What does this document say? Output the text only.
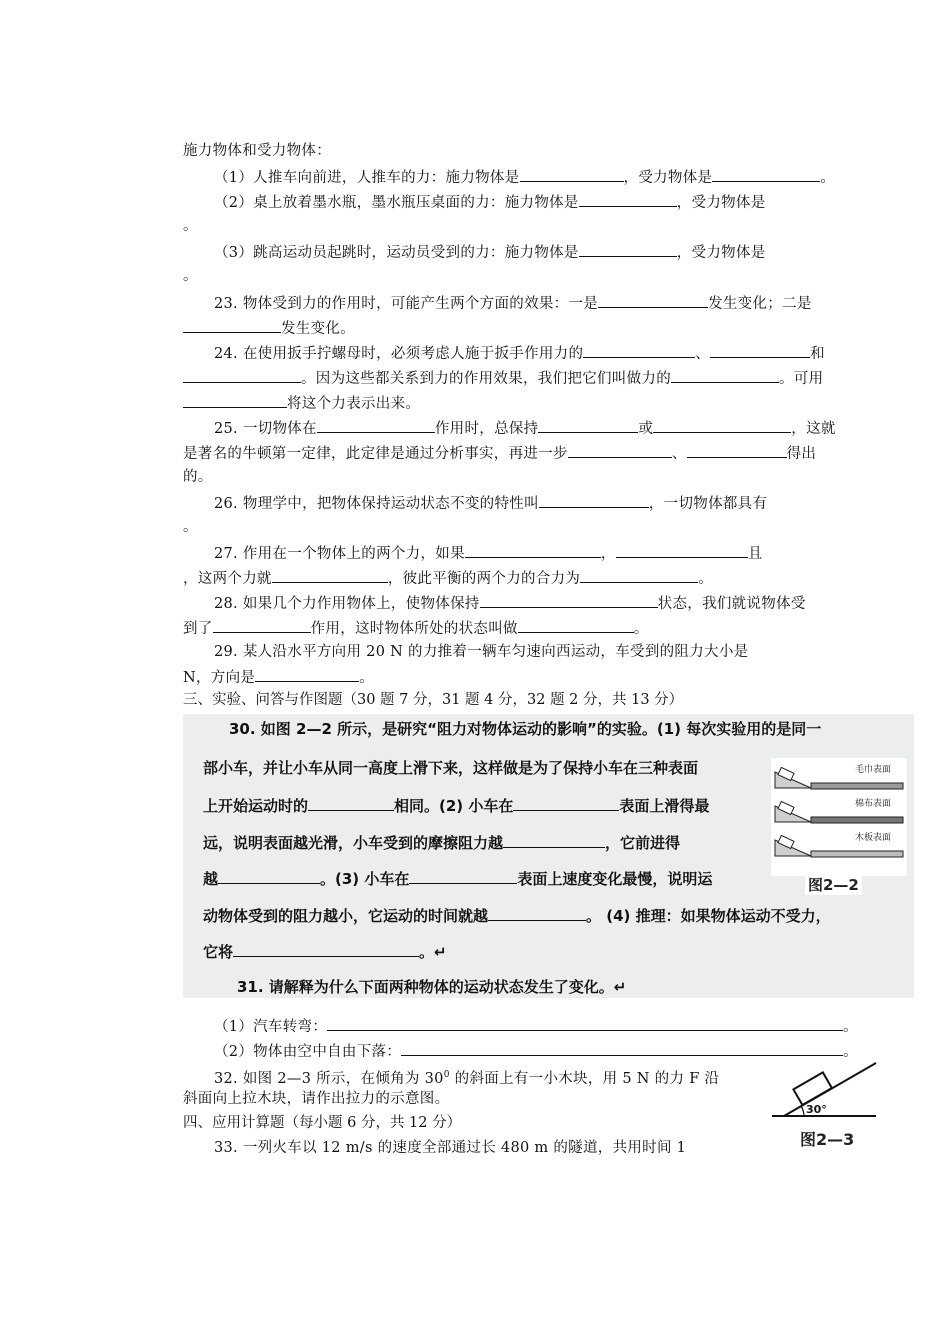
施力物体和受力物体：
（1）人推车向前进，人推车的力：施力物体是	，受力物体是	。
（2）桌上放着墨水瓶，墨水瓶压桌面的力：施力物体是	，受力物体是
。
（3）跳高运动员起跳时，运动员受到的力：施力物体是	，受力物体是
。
23. 物体受到力的作用时，可能产生两个方面的效果：一是	发生变化；二是
发生变化。
24. 在使用扳手拧螺母时，必须考虑人施于扳手作用力的	、	和
。因为这些都关系到力的作用效果，我们把它们叫做力的	。可用
将这个力表示出来。
25. 一切物体在	作用时，总保持	或	，这就
是著名的牛顿第一定律，此定律是通过分析事实，再进一步	、	得出
的。
26. 物理学中，把物体保持运动状态不变的特性叫	，一切物体都具有
。
27. 作用在一个物体上的两个力，如果	，	且
，这两个力就	，彼此平衡的两个力的合力为	。
28. 如果几个力作用物体上，使物体保持	状态，我们就说物体受
到了	作用，这时物体所处的状态叫做	。
29. 某人沿水平方向用 20 N 的力推着一辆车匀速向西运动，车受到的阻力大小是
N，方向是	。
三、实验、问答与作图题（30 题 7 分，31 题 4 分，32 题 2 分，共 13 分）
30. 如图 2—2 所示，是研究“阻力对物体运动的影响”的实验。(1) 每次实验用的是同一
部小车，并让小车从同一高度上滑下来，这样做是为了保持小车在三种表面
上开始运动时的	相同。(2) 小车在	表面上滑得最
远，说明表面越光滑，小车受到的摩擦阻力越	，它前进得
越	。(3) 小车在	表面上速度变化最慢，说明运
动物体受到的阻力越小，它运动的时间就越	。 (4) 推理：如果物体运动不受力，
它将	。↵
31. 请解释为什么下面两种物体的运动状态发生了变化。↵
毛巾表面
棉布表面
木板表面
图2—2
（1）汽车转弯：	。
（2）物体由空中自由下落：	。
32. 如图 2—3 所示，在倾角为 $30^0$ 的斜面上有一小木块，用 5 N 的力 F 沿
斜面向上拉木块，请作出拉力的示意图。
30°
图2—3
四、应用计算题（每小题 6 分，共 12 分）
33. 一列火车以 12 m/s 的速度全部通过长 480 m 的隧道，共用时间 1
